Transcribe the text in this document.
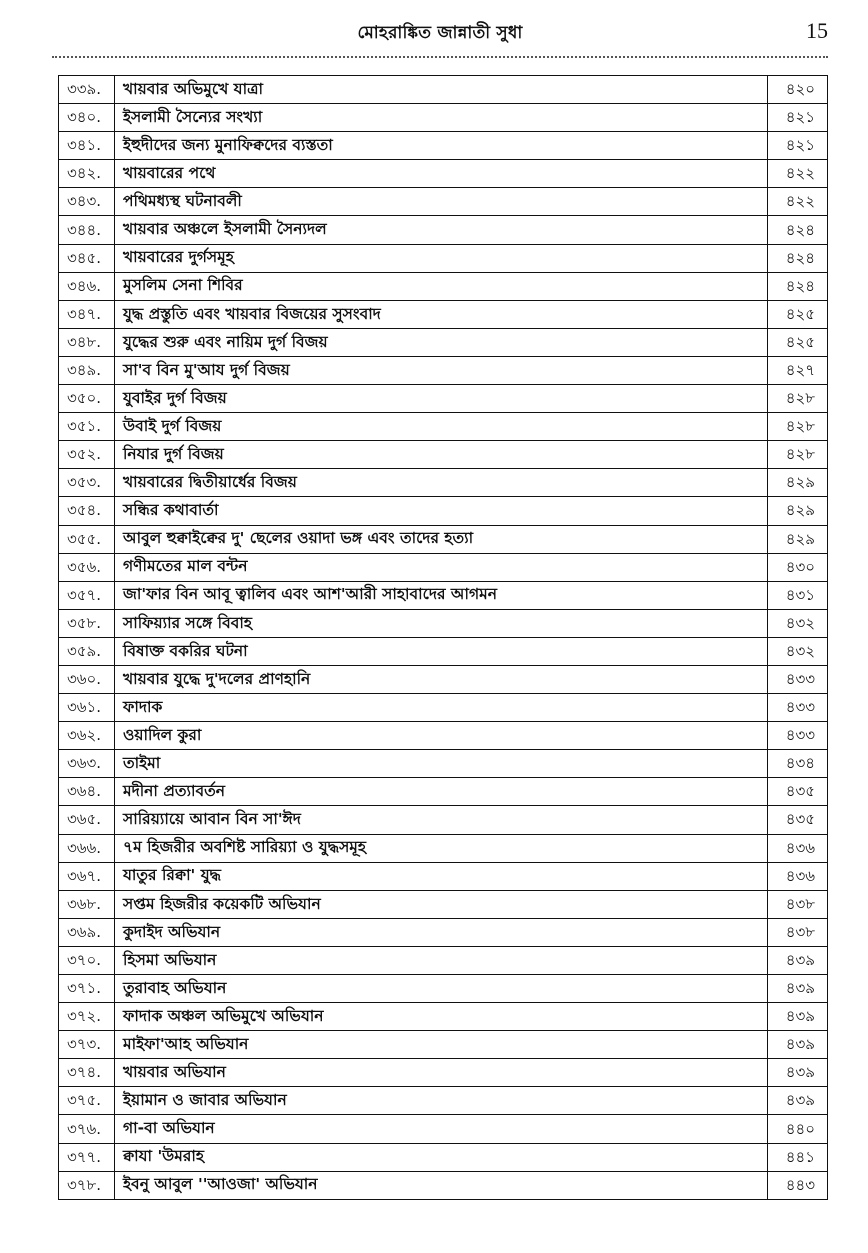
মোহরাঙ্কিত জান্নাতী সুধা	15
৩৩৯.	খায়বার অভিমুখে যাত্রা	৪২০
৩৪০.	ইসলামী সৈন্যের সংখ্যা	৪২১
৩৪১.	ইহুদীদের জন্য মুনাফিক্বদের ব্যস্ততা	৪২১
৩৪২.	খায়বারের পথে	৪২২
৩৪৩.	পথিমধ্যস্থ ঘটনাবলী	৪২২
৩৪৪.	খায়বার অঞ্চলে ইসলামী সৈন্যদল	৪২৪
৩৪৫.	খায়বারের দুর্গসমূহ	৪২৪
৩৪৬.	মুসলিম সেনা শিবির	৪২৪
৩৪৭.	যুদ্ধ প্রস্তুতি এবং খায়বার বিজয়ের সুসংবাদ	৪২৫
৩৪৮.	যুদ্ধের শুরু এবং নায়িম দুর্গ বিজয়	৪২৫
৩৪৯.	সা'ব বিন মু'আয দুর্গ বিজয়	৪২৭
৩৫০.	যুবাইর দুর্গ বিজয়	৪২৮
৩৫১.	উবাই দুর্গ বিজয়	৪২৮
৩৫২.	নিযার দুর্গ বিজয়	৪২৮
৩৫৩.	খায়বারের দ্বিতীয়ার্ধের বিজয়	৪২৯
৩৫৪.	সন্ধির কথাবার্তা	৪২৯
৩৫৫.	আবুল হুক্বাইক্বের দু' ছেলের ওয়াদা ভঙ্গ এবং তাদের হত্যা	৪২৯
৩৫৬.	গণীমতের মাল বন্টন	৪৩০
৩৫৭.	জা'ফার বিন আবূ ত্বালিব এবং আশ'আরী সাহাবাদের আগমন	৪৩১
৩৫৮.	সাফিয়্যার সঙ্গে বিবাহ	৪৩২
৩৫৯.	বিষাক্ত বকরির ঘটনা	৪৩২
৩৬০.	খায়বার যুদ্ধে দু'দলের প্রাণহানি	৪৩৩
৩৬১.	ফাদাক	৪৩৩
৩৬২.	ওয়াদিল কুরা	৪৩৩
৩৬৩.	তাইমা	৪৩৪
৩৬৪.	মদীনা প্রত্যাবর্তন	৪৩৫
৩৬৫.	সারিয়্যায়ে আবান বিন সা'ঈদ	৪৩৫
৩৬৬.	৭ম হিজরীর অবশিষ্ট সারিয়্যা ও যুদ্ধসমূহ	৪৩৬
৩৬৭.	যাতুর রিক্বা' যুদ্ধ	৪৩৬
৩৬৮.	সপ্তম হিজরীর কয়েকটি অভিযান	৪৩৮
৩৬৯.	কুদাইদ অভিযান	৪৩৮
৩৭০.	হিসমা অভিযান	৪৩৯
৩৭১.	তুরাবাহ অভিযান	৪৩৯
৩৭২.	ফাদাক অঞ্চল অভিমুখে অভিযান	৪৩৯
৩৭৩.	মাইফা'আহ অভিযান	৪৩৯
৩৭৪.	খায়বার অভিযান	৪৩৯
৩৭৫.	ইয়ামান ও জাবার অভিযান	৪৩৯
৩৭৬.	গা-বা অভিযান	৪৪০
৩৭৭.	ক্বাযা 'উমরাহ	৪৪১
৩৭৮.	ইবনু আবুল ''আওজা' অভিযান	৪৪৩
